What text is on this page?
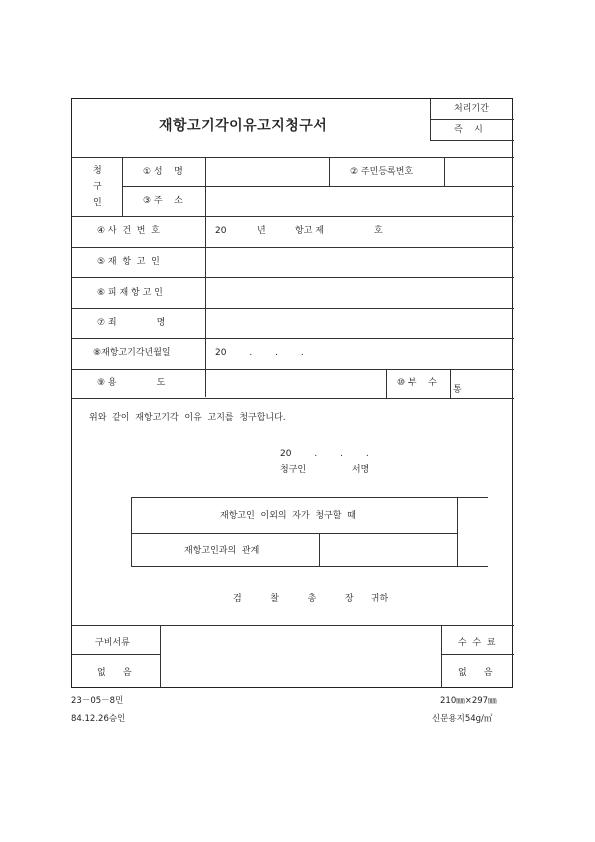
재항고기각이유고지청구서
처리기간
즉    시
청
구
인
① 성    명	② 주민등록번호
③ 주    소
④ 사  건  번  호	20	년	항고 제	호
⑤ 재  항  고  인
⑥ 피 재 항 고 인
⑦ 죄              명
⑧재항고기각년월일	20        .        .        .
⑨ 용              도	⑩ 부    수
통
위와  같이  재항고기각  이유  고지를  청구합니다.
20        .        .        .
청구인                서명
재항고인  이외의  자가  청구할  때
재항고인과의  관계
검          찰          총          장      귀하
구비서류
없      음
수  수  료
없      음
23－05－8민
84.12.26승인
210㎜×297㎜
신문용지54g/㎡
